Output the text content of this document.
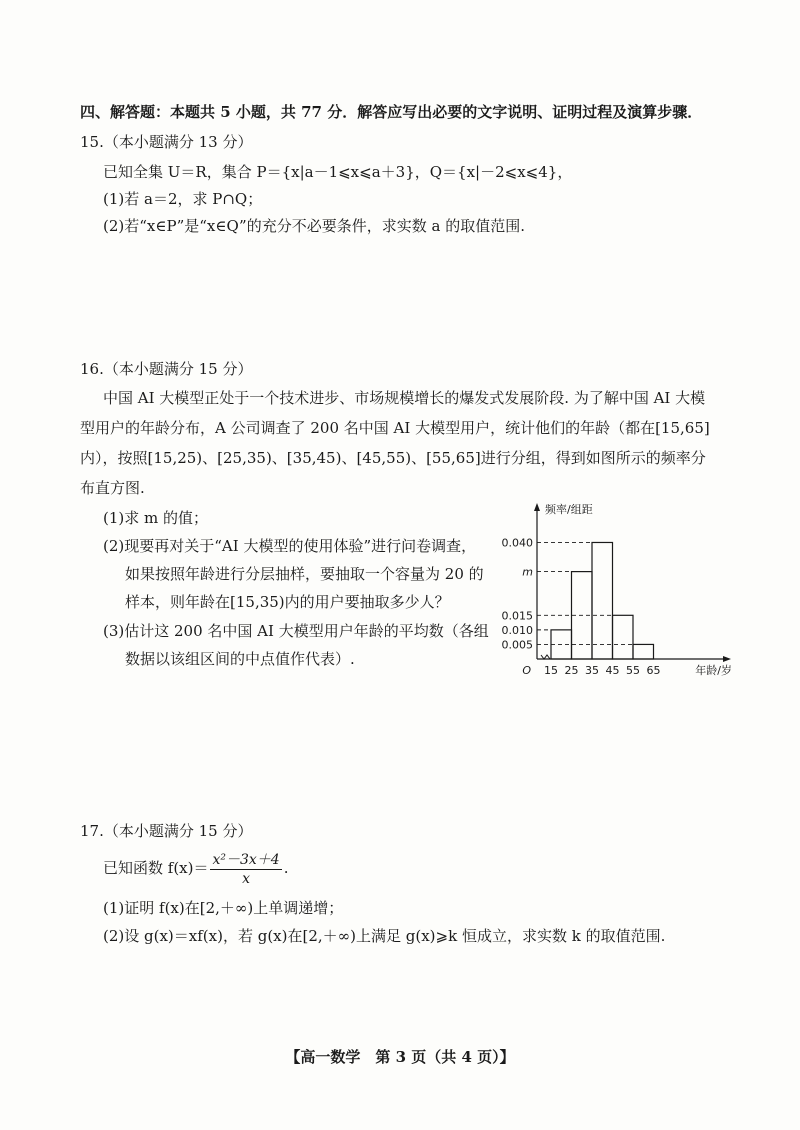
四、解答题：本题共 5 小题，共 77 分．解答应写出必要的文字说明、证明过程及演算步骤．
15.（本小题满分 13 分）
已知全集 U＝R，集合 P＝{x|a－1⩽x⩽a＋3}，Q＝{x|－2⩽x⩽4}，
(1)若 a＝2，求 P∩Q；
(2)若“x∈P”是“x∈Q”的充分不必要条件，求实数 a 的取值范围.
16.（本小题满分 15 分）
中国 AI 大模型正处于一个技术进步、市场规模增长的爆发式发展阶段. 为了解中国 AI 大模型用户的年龄分布，A 公司调查了 200 名中国 AI 大模型用户，统计他们的年龄（都在[15,65]内），按照[15,25)、[25,35)、[35,45)、[45,55)、[55,65]进行分组，得到如图所示的频率分布直方图.
(1)求 m 的值；
(2)现要再对关于“AI 大模型的使用体验”进行问卷调查，
如果按照年龄进行分层抽样，要抽取一个容量为 20 的
样本，则年龄在[15,35)内的用户要抽取多少人？
(3)估计这 200 名中国 AI 大模型用户年龄的平均数（各组
数据以该组区间的中点值作代表）.
0.005
0.010
0.015
m
0.040
15 25 35 45 55 65
O
频率/组距
年龄/岁
17.（本小题满分 15 分）
已知函数 $f(x)= \frac{\text{x²－3x＋4}}{x}$ .
(1)证明 f(x)在[2,＋∞)上单调递增；
(2)设 g(x)＝xf(x)，若 g(x)在[2,＋∞)上满足 g(x)⩾k 恒成立，求实数 k 的取值范围.
【高一数学　第 3 页（共 4 页）】
